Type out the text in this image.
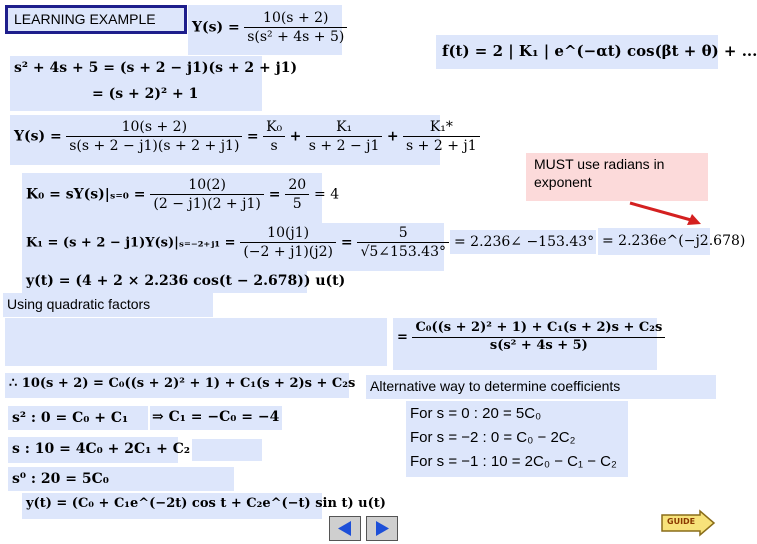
LEARNING EXAMPLE
$Y(s) = \frac{10(s + 2)}{\text{s(s² + 4s + 5)}}$
f(t) = 2 | K₁ | e^(−αt) cos(βt + θ) + ...
s² + 4s + 5 = (s + 2 − j1)(s + 2 + j1)
= (s + 2)² + 1
$Y(s) = \frac{10(s + 2)}{s(s + 2 - j1)(s + 2 + j1)} = \frac{\text{K₀}}{s} + \frac{\text{K₁}}{s + 2 - j1} + \frac{\text{K₁*}}{s + 2 + j1}$
MUST use radians in exponent
$K_0 = sY(s)|_{s=0} = \frac{10(2)}{(2 - j1)(2 + j1)} = \frac{20}{5} = 4$
K₁ = (s + 2 − j1)Y(s)|ₛ₌₋₂₊ⱼ₁ = $\frac{10(j1)}{(-2 + j1)(j2)} = \frac{5}{√5\angle 153.43^\circ}$ = 2.236∠ −153.43° = 2.236e^(−j2.678)
y(t) = (4 + 2 × 2.236 cos(t − 2.678)) u(t)
Using quadratic factors
= $\frac{\text{C₀((s + 2)² + 1) + C₁(s + 2)s + C₂s}}{\text{s(s² + 4s + 5)}}$
∴ 10(s + 2) = C₀((s + 2)² + 1) + C₁(s + 2)s + C₂s Alternative way to determine coefficients
s² : 0 = C₀ + C₁ ⇒ C₁ = −C₀ = −4
s : 10 = 4C₀ + 2C₁ + C₂
s⁰ : 20 = 5C₀
y(t) = (C₀ + C₁e^(−2t) cos t + C₂e^(−t) sin t) u(t)
For s = 0 : 20 = 5C₀
For s = −2 : 0 = C₀ − 2C₂
For s = −1 : 10 = 2C₀ − C₁ − C₂
GUIDE
